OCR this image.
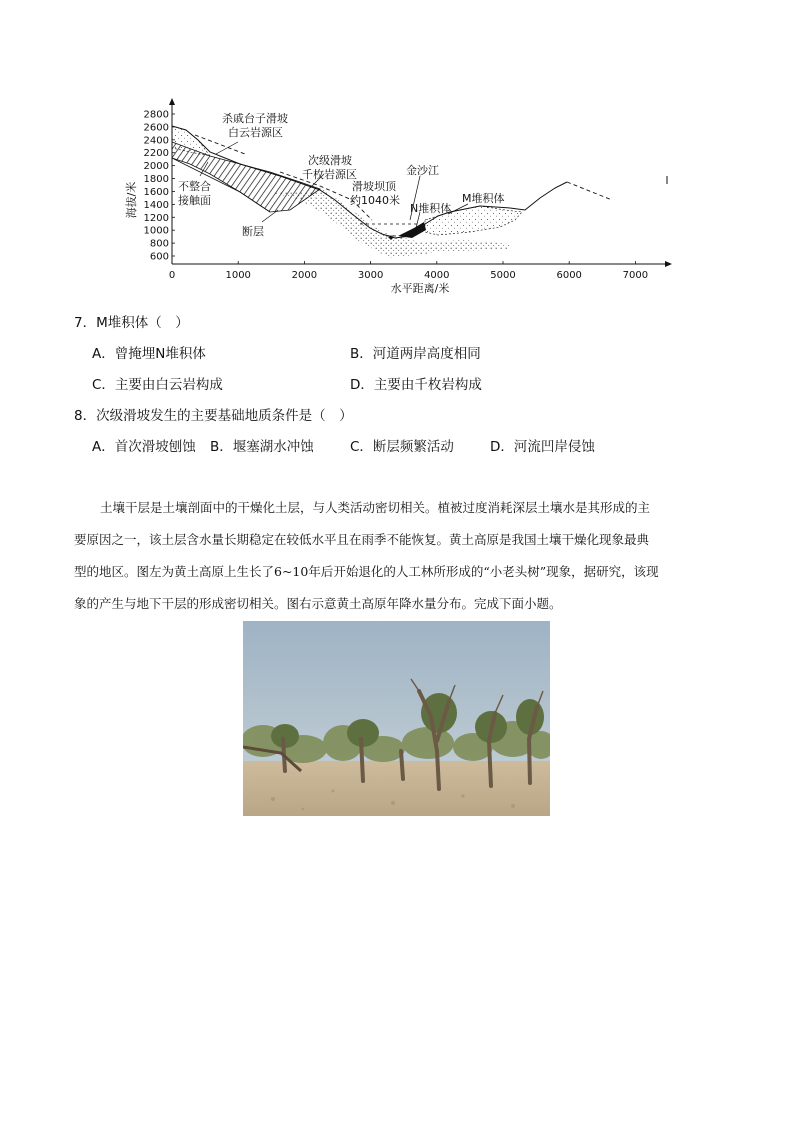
2800
2600
2400
2200
2000
1800
1600
1400
1200
1000
800
600
0	1000	2000	3000	4000	5000	6000	7000
海拔/米
水平距离/米
杀戚台子滑坡
白云岩源区
次级滑坡
千枚岩源区
不整合
接触面
断层
滑坡坝顶
约1040米
金沙江
N堆积体
M堆积体
7．M堆积体（　）
A．曾掩埋N堆积体	B．河道两岸高度相同
C．主要由白云岩构成	D．主要由千枚岩构成
8．次级滑坡发生的主要基础地质条件是（　）
A．首次滑坡刨蚀 B．堰塞湖水冲蚀	C．断层频繁活动	D．河流凹岸侵蚀
土壤干层是土壤剖面中的干燥化土层，与人类活动密切相关。植被过度消耗深层土壤水是其形成的主
要原因之一，该土层含水量长期稳定在较低水平且在雨季不能恢复。黄土高原是我国土壤干燥化现象最典
型的地区。图左为黄土高原上生长了6~10年后开始退化的人工林所形成的“小老头树”现象，据研究，该现
象的产生与地下干层的形成密切相关。图右示意黄土高原年降水量分布。完成下面小题。
